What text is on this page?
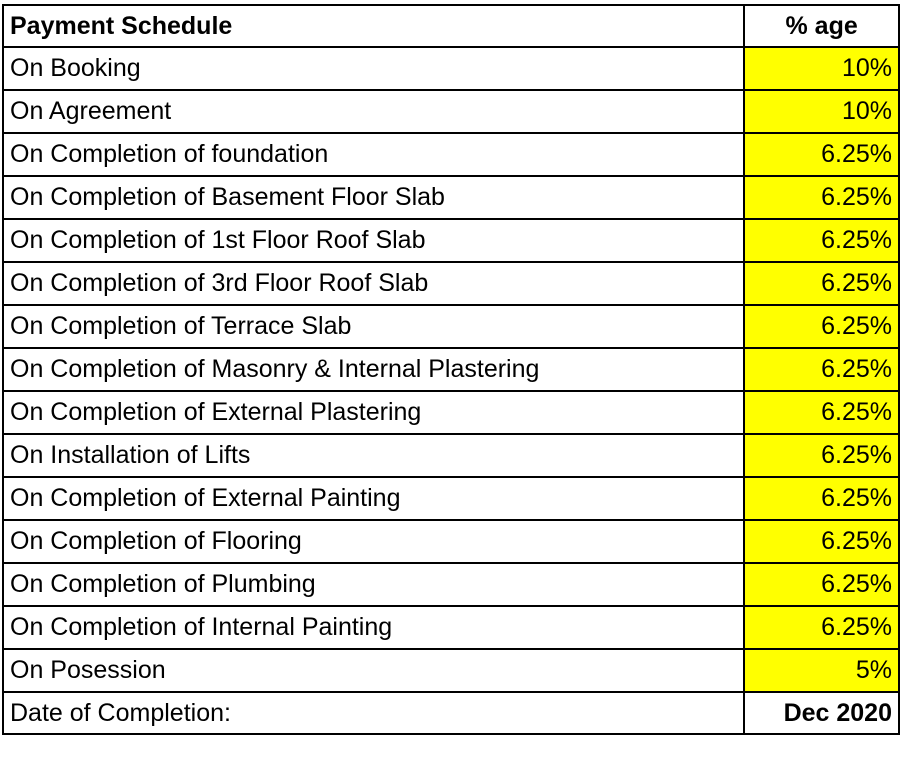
Payment Schedule	% age
On Booking	10%
On Agreement	10%
On Completion of foundation	6.25%
On Completion of Basement Floor Slab	6.25%
On Completion of 1st Floor Roof Slab	6.25%
On Completion of 3rd Floor Roof Slab	6.25%
On Completion of Terrace Slab	6.25%
On Completion of Masonry & Internal Plastering	6.25%
On Completion of External Plastering	6.25%
On Installation of Lifts	6.25%
On Completion of External Painting	6.25%
On Completion of Flooring	6.25%
On Completion of Plumbing	6.25%
On Completion of Internal Painting	6.25%
On Posession	5%
Date of Completion:	Dec 2020
